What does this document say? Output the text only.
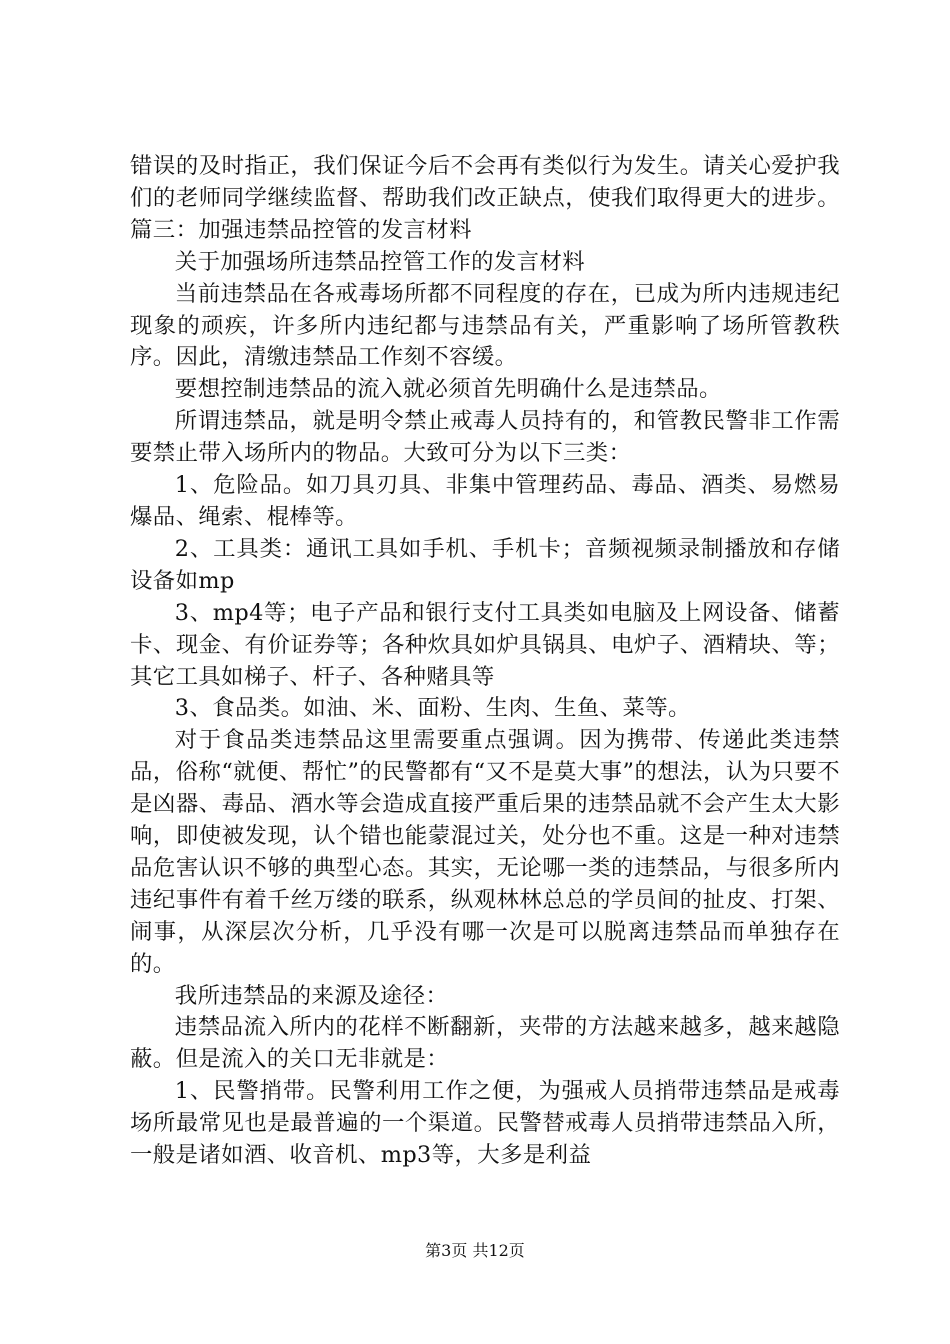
错误的及时指正，我们保证今后不会再有类似行为发生。请关心爱护我们的老师同学继续监督、帮助我们改正缺点，使我们取得更大的进步。篇三：加强违禁品控管的发言材料

关于加强场所违禁品控管工作的发言材料

当前违禁品在各戒毒场所都不同程度的存在，已成为所内违规违纪现象的顽疾，许多所内违纪都与违禁品有关，严重影响了场所管教秩序。因此，清缴违禁品工作刻不容缓。

要想控制违禁品的流入就必须首先明确什么是违禁品。

所谓违禁品，就是明令禁止戒毒人员持有的，和管教民警非工作需要禁止带入场所内的物品。大致可分为以下三类：

1、危险品。如刀具刃具、非集中管理药品、毒品、酒类、易燃易爆品、绳索、棍棒等。

2、工具类：通讯工具如手机、手机卡；音频视频录制播放和存储设备如mp

3、mp4等；电子产品和银行支付工具类如电脑及上网设备、储蓄卡、现金、有价证券等；各种炊具如炉具锅具、电炉子、酒精块、等；其它工具如梯子、杆子、各种赌具等

3、食品类。如油、米、面粉、生肉、生鱼、菜等。

对于食品类违禁品这里需要重点强调。因为携带、传递此类违禁品，俗称“就便、帮忙”的民警都有“又不是莫大事”的想法，认为只要不是凶器、毒品、酒水等会造成直接严重后果的违禁品就不会产生太大影响，即使被发现，认个错也能蒙混过关，处分也不重。这是一种对违禁品危害认识不够的典型心态。其实，无论哪一类的违禁品，与很多所内违纪事件有着千丝万缕的联系，纵观林林总总的学员间的扯皮、打架、闹事，从深层次分析，几乎没有哪一次是可以脱离违禁品而单独存在的。

我所违禁品的来源及途径：

违禁品流入所内的花样不断翻新，夹带的方法越来越多，越来越隐蔽。但是流入的关口无非就是：

1、民警捎带。民警利用工作之便，为强戒人员捎带违禁品是戒毒场所最常见也是最普遍的一个渠道。民警替戒毒人员捎带违禁品入所，一般是诸如酒、收音机、mp3等，大多是利益

第3页 共12页
